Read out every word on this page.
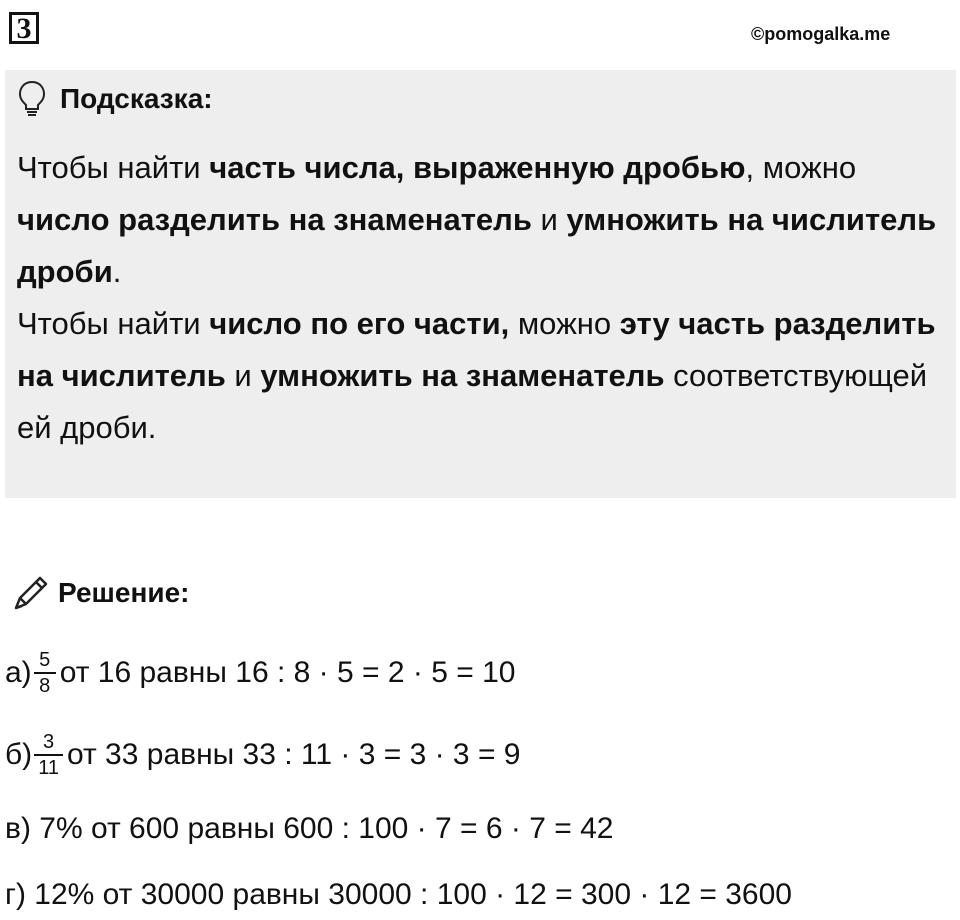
3	©pomogalka.me
Подсказка:
Чтобы найти часть числа, выраженную дробью, можно число разделить на знаменатель и умножить на числитель дроби.
Чтобы найти число по его части, можно эту часть разделить на числитель и умножить на знаменатель соответствующей ей дроби.
Решение:
$а) \frac{5}{8}$ от 16 равны 16 : 8 · 5 = 2 · 5 = 10
$б) \frac{3}{11}$ от 33 равны 33 : 11 · 3 = 3 · 3 = 9
в) 7% от 600 равны 600 : 100 · 7 = 6 · 7 = 42
г) 12% от 30000 равны 30000 : 100 · 12 = 300 · 12 = 3600
